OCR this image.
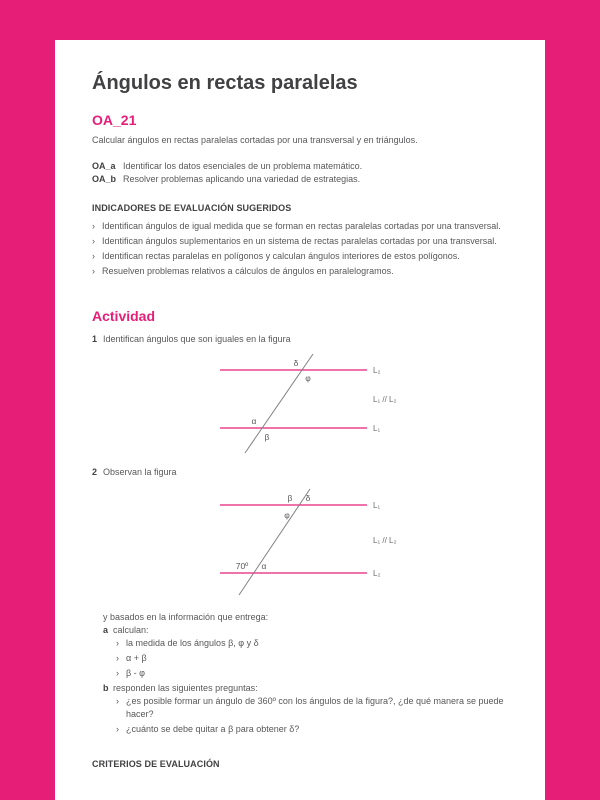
Ángulos en rectas paralelas
OA_21

Calcular ángulos en rectas paralelas cortadas por una transversal y en triángulos.

OA_a Identificar los datos esenciales de un problema matemático.
OA_b Resolver problemas aplicando una variedad de estrategias.
INDICADORES DE EVALUACIÓN SUGERIDOS
› Identifican ángulos de igual medida que se forman en rectas paralelas cortadas por una transversal.
› Identifican ángulos suplementarios en un sistema de rectas paralelas cortadas por una transversal.
› Identifican rectas paralelas en polígonos y calculan ángulos interiores de estos polígonos.
› Resuelven problemas relativos a cálculos de ángulos en paralelogramos.
Actividad
1 Identifican ángulos que son iguales en la figura
δ
φ
α
β
L₂
L₁ // L₂
L₁
2 Observan la figura
β δ
φ
70º α
L₁
L₁ // L₂
L₂

y basados en la información que entrega:

a calculan:
› la medida de los ángulos β, φ y δ
› α + β
› β - φ
b responden las siguientes preguntas:
› ¿es posible formar un ángulo de 360º con los ángulos de la figura?, ¿de qué manera se puede hacer?
› ¿cuánto se debe quitar a β para obtener δ?
CRITERIOS DE EVALUACIÓN
